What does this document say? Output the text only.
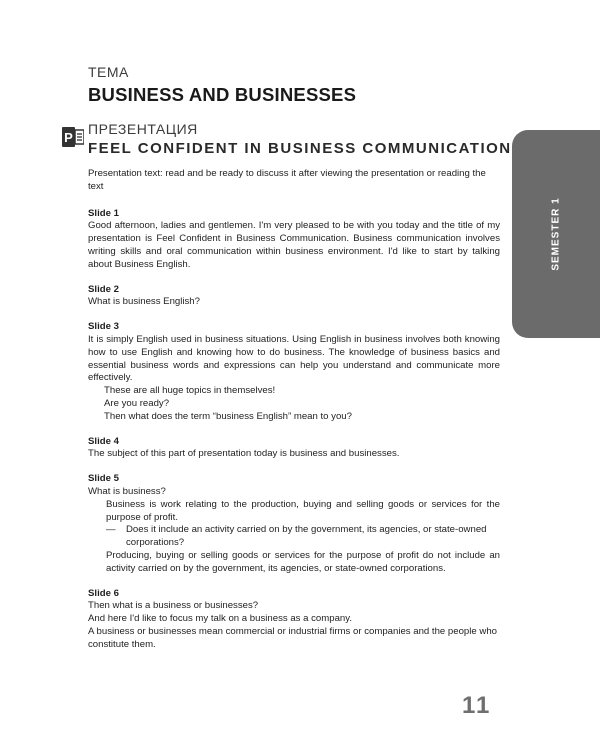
ТЕМА
BUSINESS AND BUSINESSES
P
ПРЕЗЕНТАЦИЯ
FEEL CONFIDENT IN BUSINESS COMMUNICATION
SEMESTER 1

Presentation text: read and be ready to discuss it after viewing the presentation or reading the text

Slide 1

Good afternoon, ladies and gentlemen. I'm very pleased to be with you today and the title of my presentation is Feel Confident in Business Communication. Business communication involves writing skills and oral communication within business environment. I'd like to start by talking about Business English.

Slide 2

What is business English?

Slide 3

It is simply English used in business situations. Using English in business involves both knowing how to use English and knowing how to do business. The knowledge of business basics and essential business words and expressions can help you understand and communicate more effectively.

These are all huge topics in themselves!

Are you ready?

Then what does the term “business English” mean to you?

Slide 4

The subject of this part of presentation today is business and businesses.

Slide 5

What is business?

Business is work relating to the production, buying and selling goods or services for the purpose of profit.

—	Does it include an activity carried on by the government, its agencies, or state-owned corporations?

Producing, buying or selling goods or services for the purpose of profit do not include an activity carried on by the government, its agencies, or state-owned corporations.

Slide 6

Then what is a business or businesses?

And here I'd like to focus my talk on a business as a company.

A business or businesses mean commercial or industrial firms or companies and the people who constitute them.

11
